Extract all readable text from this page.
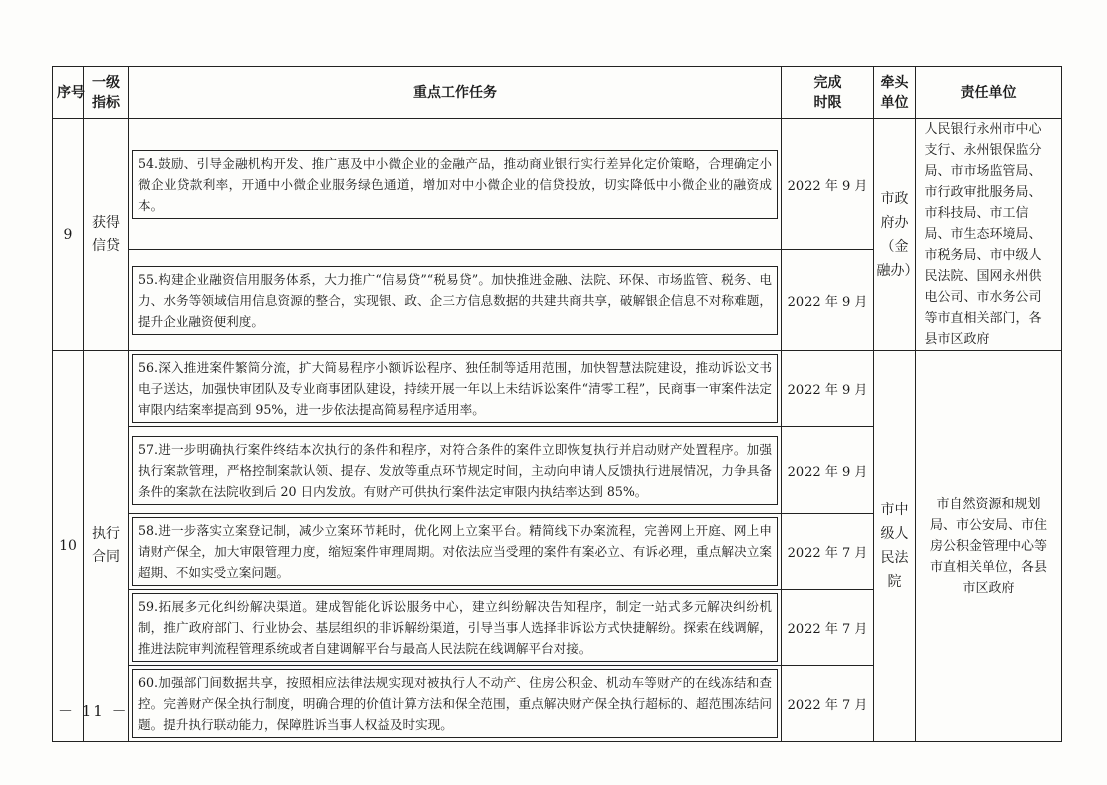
序号	一级指标	重点工作任务	完成时限	牵头单位	责任单位
9	获得信贷	54.鼓励、引导金融机构开发、推广惠及中小微企业的金融产品，推动商业银行实行差异化定价策略，合理确定小微企业贷款利率，开通中小微企业服务绿色通道，增加对中小微企业的信贷投放，切实降低中小微企业的融资成本。	2022 年 9 月	市政府办（金融办）	人民银行永州市中心支行、永州银保监分局、市市场监管局、市行政审批服务局、市科技局、市工信局、市生态环境局、市税务局、市中级人民法院、国网永州供电公司、市水务公司等市直相关部门，各县市区政府

		55.构建企业融资信用服务体系，大力推广“信易贷”“税易贷”。加快推进金融、法院、环保、市场监管、税务、电力、水务等领域信用信息资源的整合，实现银、政、企三方信息数据的共建共商共享，破解银企信息不对称难题，提升企业融资便利度。	2022 年 9 月		
10	执行合同	56.深入推进案件繁简分流，扩大简易程序小额诉讼程序、独任制等适用范围，加快智慧法院建设，推动诉讼文书电子送达，加强快审团队及专业商事团队建设，持续开展一年以上未结诉讼案件“清零工程”，民商事一审案件法定审限内结案率提高到 95%，进一步依法提高简易程序适用率。	2022 年 9 月	市中级人民法院	市自然资源和规划局、市公安局、市住房公积金管理中心等市直相关单位，各县市区政府

		57.进一步明确执行案件终结本次执行的条件和程序，对符合条件的案件立即恢复执行并启动财产处置程序。加强执行案款管理，严格控制案款认领、提存、发放等重点环节规定时间，主动向申请人反馈执行进展情况，力争具备条件的案款在法院收到后 20 日内发放。有财产可供执行案件法定审限内执结率达到 85%。	2022 年 9 月		

		58.进一步落实立案登记制，减少立案环节耗时，优化网上立案平台。精简线下办案流程，完善网上开庭、网上申请财产保全，加大审限管理力度，缩短案件审理周期。对依法应当受理的案件有案必立、有诉必理，重点解决立案超期、不如实受立案问题。	2022 年 7 月		

		59.拓展多元化纠纷解决渠道。建成智能化诉讼服务中心，建立纠纷解决告知程序，制定一站式多元解决纠纷机制，推广政府部门、行业协会、基层组织的非诉解纷渠道，引导当事人选择非诉讼方式快捷解纷。探索在线调解，推进法院审判流程管理系统或者自建调解平台与最高人民法院在线调解平台对接。	2022 年 7 月		

		60.加强部门间数据共享，按照相应法律法规实现对被执行人不动产、住房公积金、机动车等财产的在线冻结和查控。完善财产保全执行制度，明确合理的价值计算方法和保全范围，重点解决财产保全执行超标的、超范围冻结问题。提升执行联动能力，保障胜诉当事人权益及时实现。	2022 年 7 月		
－ 11 －
